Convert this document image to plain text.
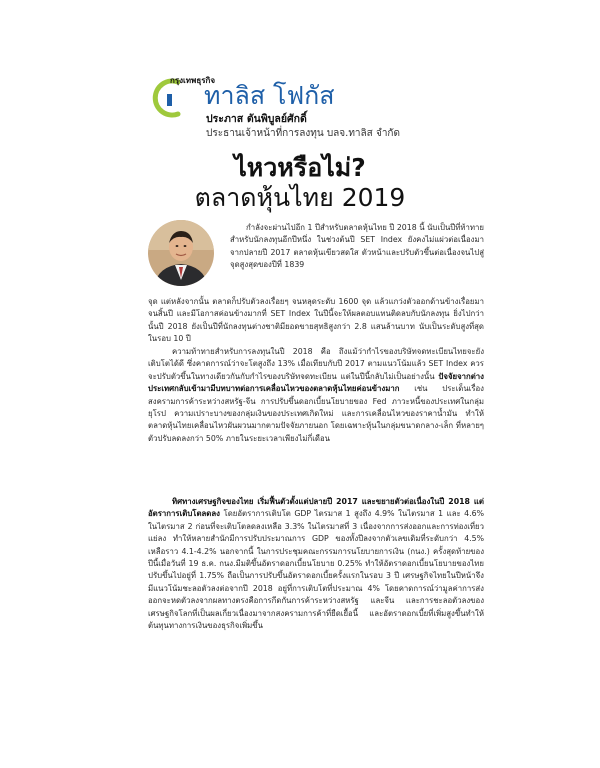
กรุงเทพธุรกิจ
ทาลิส โฟกัส
ประภาส ตันพิบูลย์ศักดิ์
ประธานเจ้าหน้าที่การลงทุน บลจ.ทาลิส จำกัด
ไหวหรือไม่?
ตลาดหุ้นไทย 2019
กำลังจะผ่านไปอีก 1 ปีสำหรับตลาดหุ้นไทย ปี 2018 นี้ นับเป็นปีที่ท้าทายสำหรับนักลงทุนอีกปีหนึ่ง ในช่วงต้นปี SET Index ยังคงไม่แผ่วต่อเนื่องมาจากปลายปี 2017 ตลาดหุ้นเขียวสดใส ตัวหน้าและปรับตัวขึ้นต่อเนื่องจนไปสู่จุดสูงสุดของปีที่ 1839
จุด แต่หลังจากนั้น ตลาดก็ปรับตัวลงเรื่อยๆ จนหลุดระดับ 1600 จุด แล้วแกว่งตัวออกด้านข้างเรื่อยมาจนสิ้นปี และมีโอกาสค่อนข้างมากที่ SET Index ในปีนี้จะให้ผลตอบแทนติดลบกับนักลงทุน ยิ่งไปกว่านั้นปี 2018 ยังเป็นปีที่นักลงทุนต่างชาติมียอดขายสุทธิสูงกว่า 2.8 แสนล้านบาท นับเป็นระดับสูงที่สุดในรอบ 10 ปี
ความท้าทายสำหรับการลงทุนในปี 2018 คือ ถึงแม้ว่ากำไรของบริษัทจดทะเบียนไทยจะยังเติบโตได้ดี ซึ่งคาดการณ์ว่าจะโตสูงถึง 13% เมื่อเทียบกับปี 2017 ตามแนวโน้มแล้ว SET Index ควรจะปรับตัวขึ้นในทางเดียวกันกับกำไรของบริษัทจดทะเบียน แต่ในปีนี้กลับไม่เป็นอย่างนั้น ปัจจัยจากต่างประเทศกลับเข้ามามีบทบาทต่อการเคลื่อนไหวของตลาดหุ้นไทยค่อนข้างมาก เช่น ประเด็นเรื่องสงครามการค้าระหว่างสหรัฐ-จีน การปรับขึ้นดอกเบี้ยนโยบายของ Fed ภาวะหนี้ของประเทศในกลุ่มยุโรป ความเปราะบางของกลุ่มเงินของประเทศเกิดใหม่ และการเคลื่อนไหวของราคาน้ำมัน ทำให้ตลาดหุ้นไทยเคลื่อนไหวผันผวนมากตามปัจจัยภายนอก โดยเฉพาะหุ้นในกลุ่มขนาดกลาง-เล็ก ที่หลายๆ ตัวปรับลดลงกว่า 50% ภายในระยะเวลาเพียงไม่กี่เดือน
ทิศทางเศรษฐกิจของไทย เริ่มฟื้นตัวตั้งแต่ปลายปี 2017 และขยายตัวต่อเนื่องในปี 2018 แต่อัตราการเติบโตลดลง โดยอัตราการเติบโต GDP ไตรมาส 1 สูงถึง 4.9% ในไตรมาส 1 และ 4.6% ในไตรมาส 2 ก่อนที่จะเติบโตลดลงเหลือ 3.3% ในไตรมาสที่ 3 เนื่องจากการส่งออกและการท่องเที่ยวแย่ลง ทำให้หลายสำนักมีการปรับประมาณการ GDP ของทั้งปีลงจากตัวเลขเดิมที่ระดับกว่า 4.5% เหลือราว 4.1-4.2% นอกจากนี้ ในการประชุมคณะกรรมการนโยบายการเงิน (กนง.) ครั้งสุดท้ายของปีนี้เมื่อวันที่ 19 ธ.ค. กนง.มีมติขึ้นอัตราดอกเบี้ยนโยบาย 0.25% ทำให้อัตราดอกเบี้ยนโยบายของไทยปรับขึ้นไปอยู่ที่ 1.75% ถือเป็นการปรับขึ้นอัตราดอกเบี้ยครั้งแรกในรอบ 3 ปี เศรษฐกิจไทยในปีหน้าจึงมีแนวโน้มชะลอตัวลงต่อจากปี 2018 อยู่ที่การเติบโตที่ประมาณ 4% โดยคาดการณ์ว่ามูลค่าการส่งออกจะหดตัวลงจากผลทางตรงคือการกีดกันการค้าระหว่างสหรัฐ และจีน และการชะลอตัวลงของเศรษฐกิจโลกที่เป็นผลเกี่ยวเนื่องมาจากสงครามการค้าที่ยืดเยื้อนี้ และอัตราดอกเบี้ยที่เพิ่มสูงขึ้นทำให้ต้นทุนทางการเงินของธุรกิจเพิ่มขึ้น
